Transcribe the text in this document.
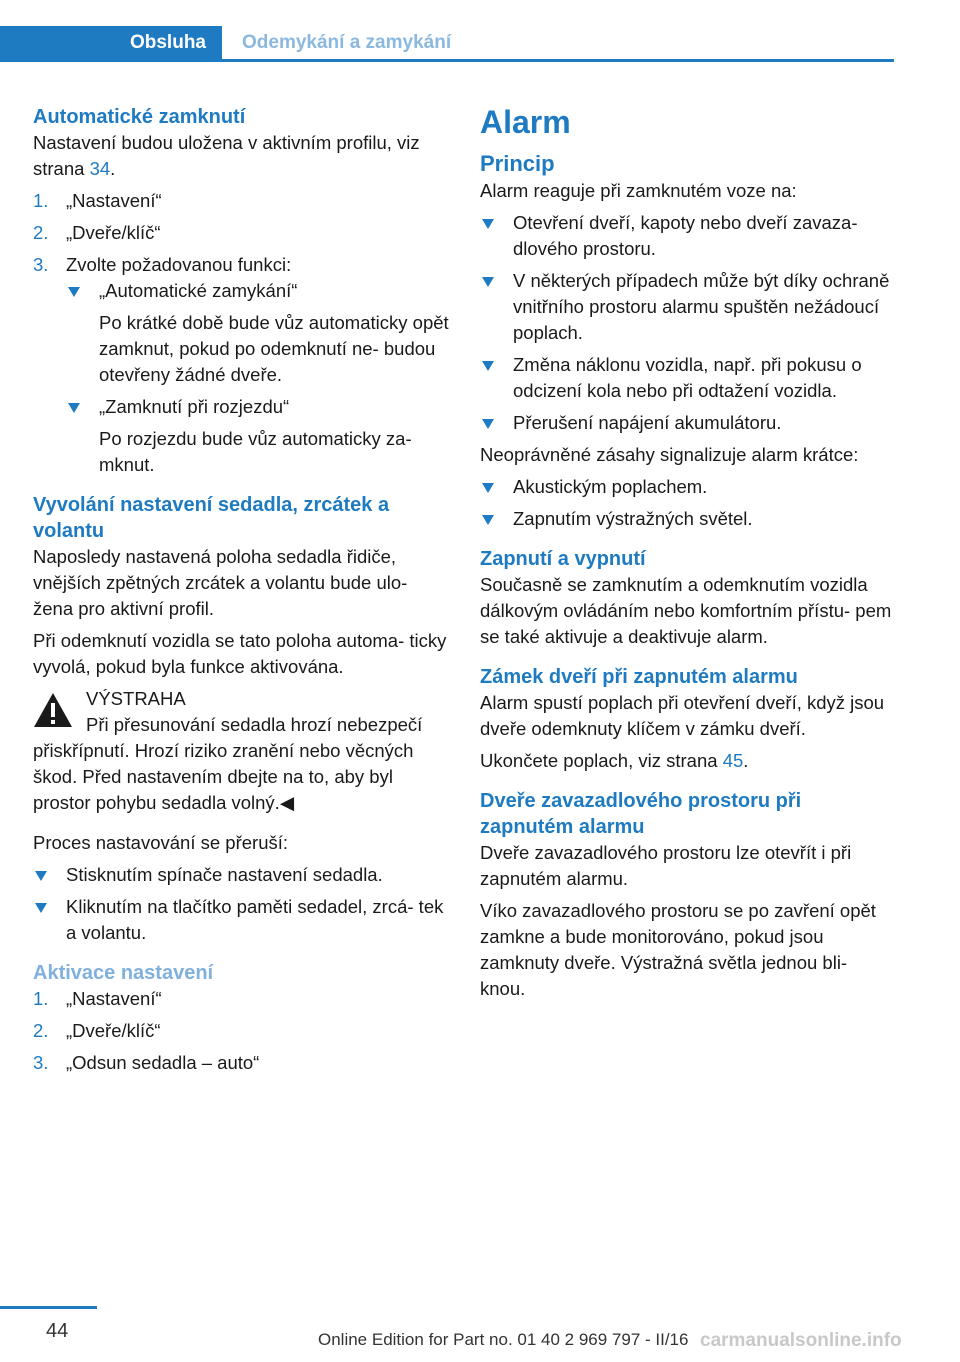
Obsluha	Odemykání a zamykání
Automatické zamknutí

Nastavení budou uložena v aktivním profilu, viz strana 34.

1. „Nastavení“
2. „Dveře/klíč“
3. Zvolte požadovanou funkci:
„Automatické zamykání“

Po krátké době bude vůz automaticky opět zamknut, pokud po odemknutí ne- budou otevřeny žádné dveře.

„Zamknutí při rozjezdu“

Po rozjezdu bude vůz automaticky za- mknut.

Vyvolání nastavení sedadla, zrcátek a volantu

Naposledy nastavená poloha sedadla řidiče, vnějších zpětných zrcátek a volantu bude ulo- žena pro aktivní profil.

Při odemknutí vozidla se tato poloha automa- ticky vyvolá, pokud byla funkce aktivována.

VÝSTRAHA
Při přesunování sedadla hrozí nebezpečí
přiskřípnutí. Hrozí riziko zranění nebo věcných škod. Před nastavením dbejte na to, aby byl prostor pohybu sedadla volný.◀

Proces nastavování se přeruší:

Stisknutím spínače nastavení sedadla.
Kliknutím na tlačítko paměti sedadel, zrcá- tek a volantu.
Aktivace nastavení
1. „Nastavení“
2. „Dveře/klíč“
3. „Odsun sedadla – auto“
Alarm
Princip

Alarm reaguje při zamknutém voze na:

Otevření dveří, kapoty nebo dveří zavaza- dlového prostoru.
V některých případech může být díky ochraně vnitřního prostoru alarmu spuštěn nežádoucí poplach.
Změna náklonu vozidla, např. při pokusu o odcizení kola nebo při odtažení vozidla.
Přerušení napájení akumulátoru.

Neoprávněné zásahy signalizuje alarm krátce:

Akustickým poplachem.
Zapnutím výstražných světel.
Zapnutí a vypnutí

Současně se zamknutím a odemknutím vozidla dálkovým ovládáním nebo komfortním přístu- pem se také aktivuje a deaktivuje alarm.

Zámek dveří při zapnutém alarmu

Alarm spustí poplach při otevření dveří, když jsou dveře odemknuty klíčem v zámku dveří.

Ukončete poplach, viz strana 45.

Dveře zavazadlového prostoru při zapnutém alarmu

Dveře zavazadlového prostoru lze otevřít i při zapnutém alarmu.

Víko zavazadlového prostoru se po zavření opět zamkne a bude monitorováno, pokud jsou zamknuty dveře. Výstražná světla jednou bli- knou.

44	Online Edition for Part no. 01 40 2 969 797 - II/16 carmanualsonline.info
